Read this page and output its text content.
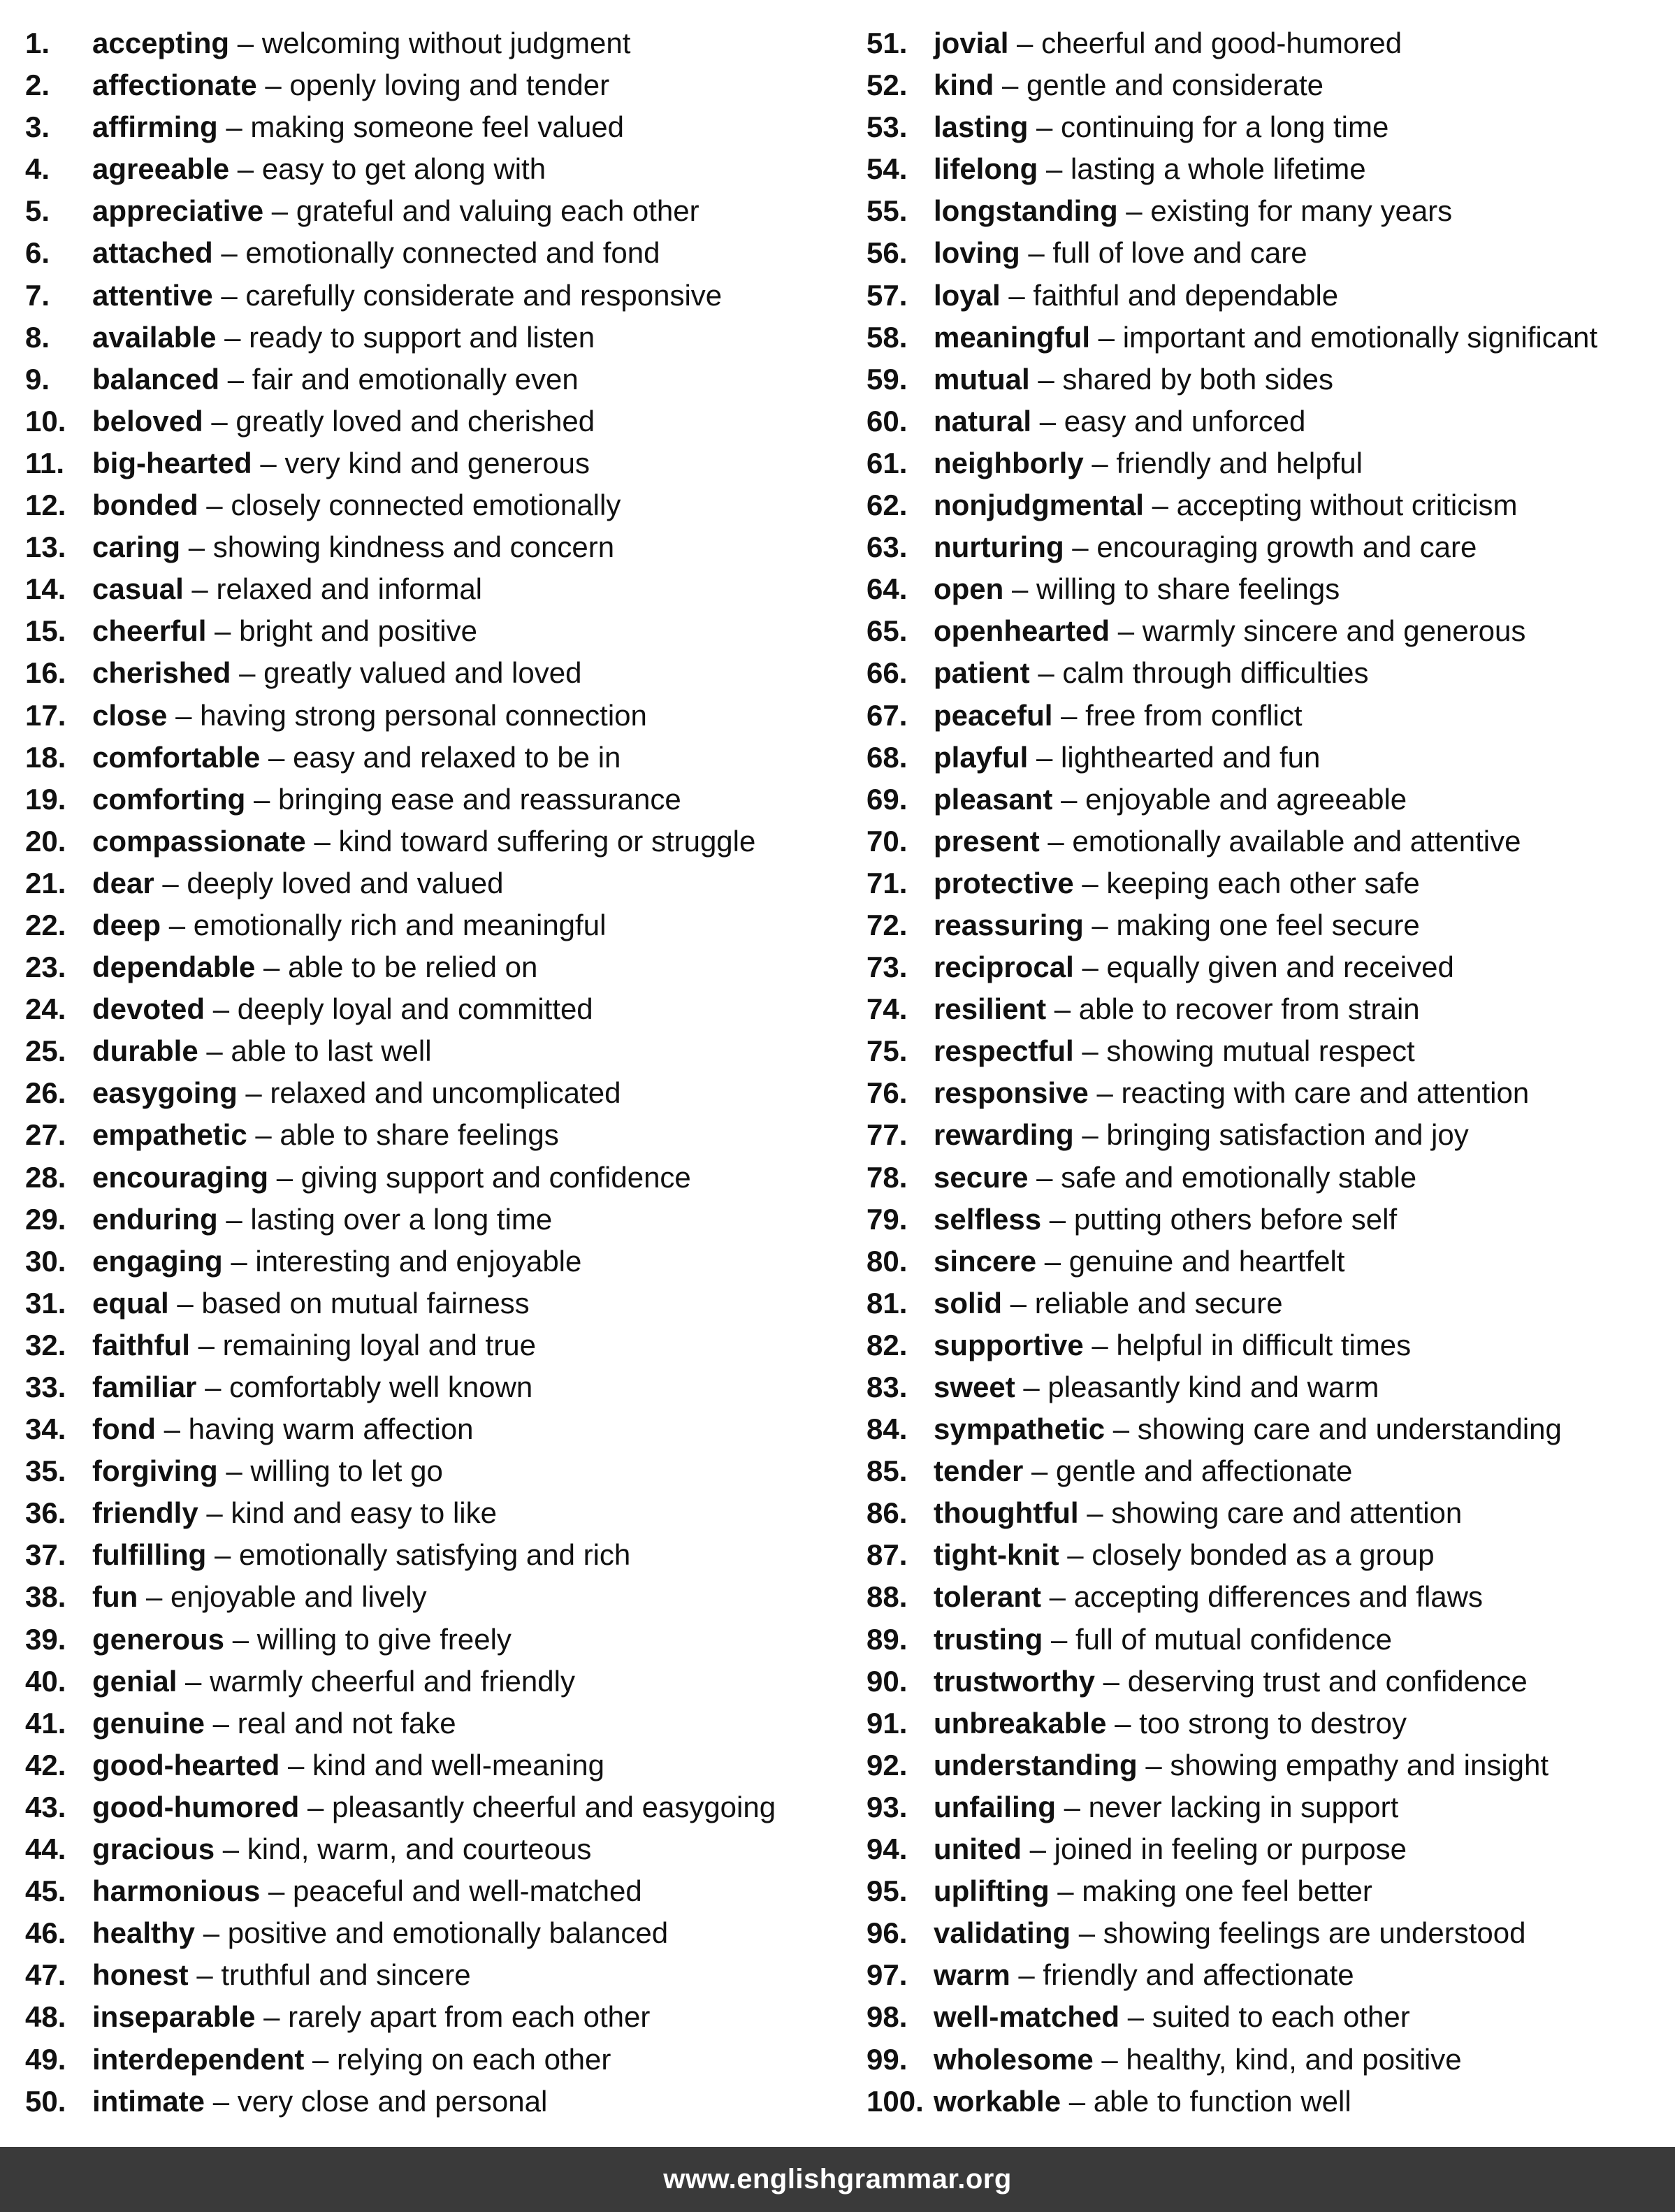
1.	accepting – welcoming without judgment
2.	affectionate – openly loving and tender
3.	affirming – making someone feel valued
4.	agreeable – easy to get along with
5.	appreciative – grateful and valuing each other
6.	attached – emotionally connected and fond
7.	attentive – carefully considerate and responsive
8.	available – ready to support and listen
9.	balanced – fair and emotionally even
10. beloved – greatly loved and cherished
11. big-hearted – very kind and generous
12. bonded – closely connected emotionally
13. caring – showing kindness and concern
14. casual – relaxed and informal
15. cheerful – bright and positive
16. cherished – greatly valued and loved
17. close – having strong personal connection
18. comfortable – easy and relaxed to be in
19. comforting – bringing ease and reassurance
20. compassionate – kind toward suffering or struggle
21. dear – deeply loved and valued
22. deep – emotionally rich and meaningful
23. dependable – able to be relied on
24. devoted – deeply loyal and committed
25. durable – able to last well
26. easygoing – relaxed and uncomplicated
27. empathetic – able to share feelings
28. encouraging – giving support and confidence
29. enduring – lasting over a long time
30. engaging – interesting and enjoyable
31. equal – based on mutual fairness
32. faithful – remaining loyal and true
33. familiar – comfortably well known
34. fond – having warm affection
35. forgiving – willing to let go
36. friendly – kind and easy to like
37. fulfilling – emotionally satisfying and rich
38. fun – enjoyable and lively
39. generous – willing to give freely
40. genial – warmly cheerful and friendly
41. genuine – real and not fake
42. good-hearted – kind and well-meaning
43. good-humored – pleasantly cheerful and easygoing
44. gracious – kind, warm, and courteous
45. harmonious – peaceful and well-matched
46. healthy – positive and emotionally balanced
47. honest – truthful and sincere
48. inseparable – rarely apart from each other
49. interdependent – relying on each other
50. intimate – very close and personal
51. jovial – cheerful and good-humored
52. kind – gentle and considerate
53. lasting – continuing for a long time
54. lifelong – lasting a whole lifetime
55. longstanding – existing for many years
56. loving – full of love and care
57. loyal – faithful and dependable
58. meaningful – important and emotionally significant
59. mutual – shared by both sides
60. natural – easy and unforced
61. neighborly – friendly and helpful
62. nonjudgmental – accepting without criticism
63. nurturing – encouraging growth and care
64. open – willing to share feelings
65. openhearted – warmly sincere and generous
66. patient – calm through difficulties
67. peaceful – free from conflict
68. playful – lighthearted and fun
69. pleasant – enjoyable and agreeable
70. present – emotionally available and attentive
71. protective – keeping each other safe
72. reassuring – making one feel secure
73. reciprocal – equally given and received
74. resilient – able to recover from strain
75. respectful – showing mutual respect
76. responsive – reacting with care and attention
77. rewarding – bringing satisfaction and joy
78. secure – safe and emotionally stable
79. selfless – putting others before self
80. sincere – genuine and heartfelt
81. solid – reliable and secure
82. supportive – helpful in difficult times
83. sweet – pleasantly kind and warm
84. sympathetic – showing care and understanding
85. tender – gentle and affectionate
86. thoughtful – showing care and attention
87. tight-knit – closely bonded as a group
88. tolerant – accepting differences and flaws
89. trusting – full of mutual confidence
90. trustworthy – deserving trust and confidence
91. unbreakable – too strong to destroy
92. understanding – showing empathy and insight
93. unfailing – never lacking in support
94. united – joined in feeling or purpose
95. uplifting – making one feel better
96. validating – showing feelings are understood
97. warm – friendly and affectionate
98. well-matched – suited to each other
99. wholesome – healthy, kind, and positive
100. workable – able to function well
www.englishgrammar.org
